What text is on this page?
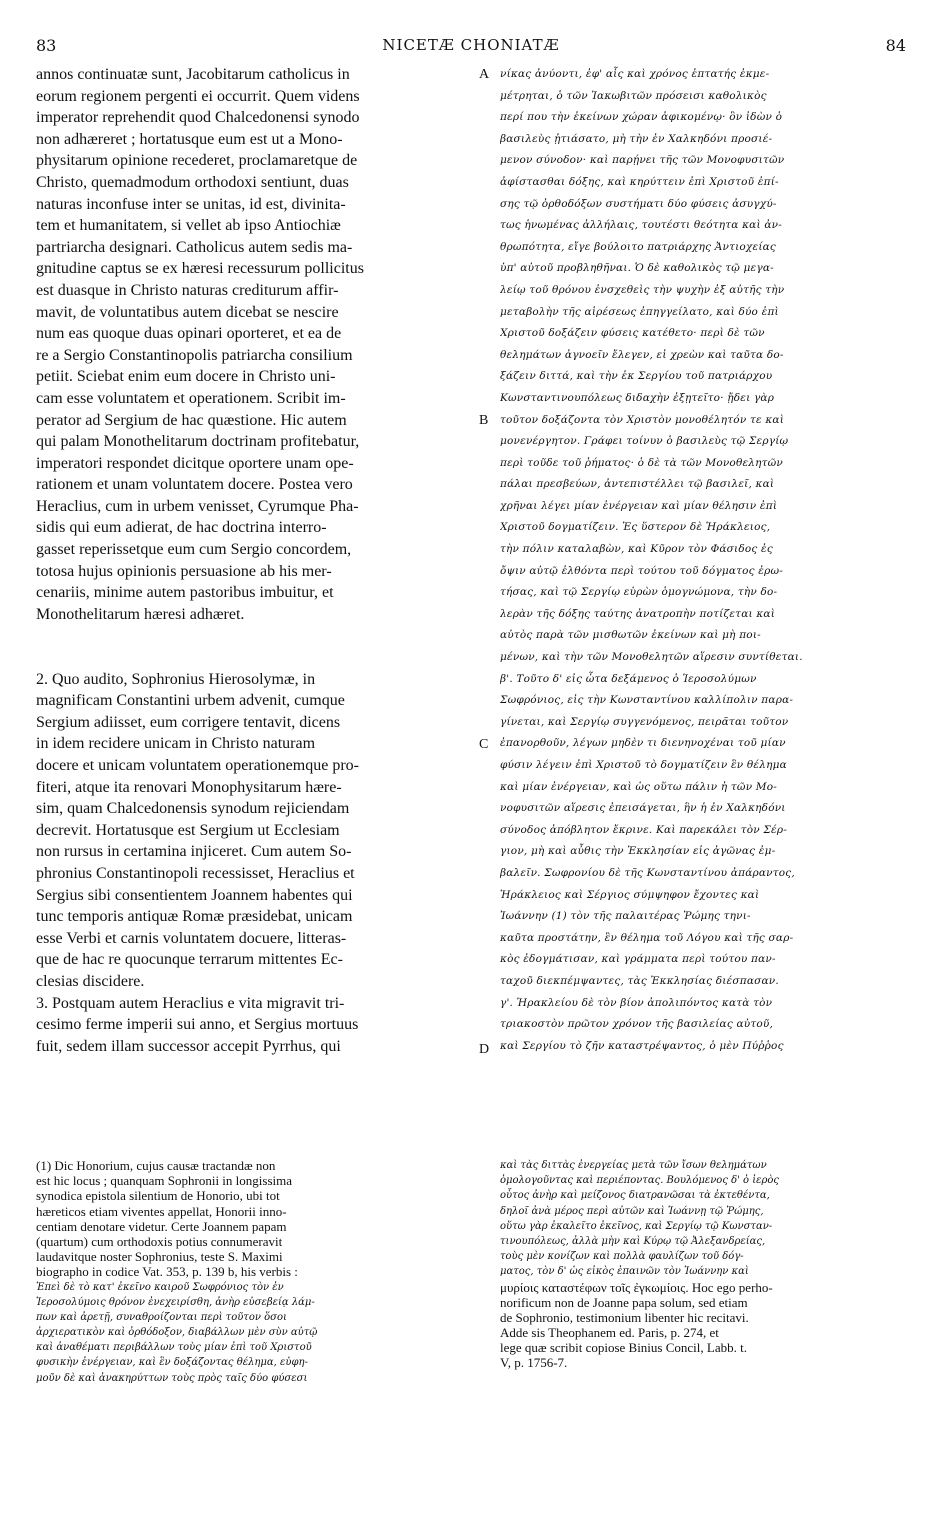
83	NICETÆ CHONIATÆ	84
annos continuatæ sunt, Jacobitarum catholicus in
eorum regionem pergenti ei occurrit. Quem videns
imperator reprehendit quod Chalcedonensi synodo
non adhæreret ; hortatusque eum est ut a Mono-
physitarum opinione recederet, proclamaretque de
Christo, quemadmodum orthodoxi sentiunt, duas
naturas inconfuse inter se unitas, id est, divinita-
tem et humanitatem, si vellet ab ipso Antiochiæ
partriarcha designari. Catholicus autem sedis ma-
gnitudine captus se ex hæresi recessurum pollicitus
est duasque in Christo naturas crediturum affir-
mavit, de voluntatibus autem dicebat se nescire
num eas quoque duas opinari oporteret, et ea de
re a Sergio Constantinopolis patriarcha consilium
petiit. Sciebat enim eum docere in Christo uni-
cam esse voluntatem et operationem. Scribit im-
perator ad Sergium de hac quæstione. Hic autem
qui palam Monothelitarum doctrinam profitebatur,
imperatori respondet dicitque oportere unam ope-
rationem et unam voluntatem docere. Postea vero
Heraclius, cum in urbem venisset, Cyrumque Pha-
sidis qui eum adierat, de hac doctrina interro-
gasset reperissetque eum cum Sergio concordem,
totosa hujus opinionis persuasione ab his mer-
cenariis, minime autem pastoribus imbuitur, et
Monothelitarum hæresi adhæret.
2. Quo audito, Sophronius Hierosolymæ, in
magnificam Constantini urbem advenit, cumque
Sergium adiisset, eum corrigere tentavit, dicens
in idem recidere unicam in Christo naturam
docere et unicam voluntatem operationemque pro-
fiteri, atque ita renovari Monophysitarum hære-
sim, quam Chalcedonensis synodum rejiciendam
decrevit. Hortatusque est Sergium ut Ecclesiam
non rursus in certamina injiceret. Cum autem So-
phronius Constantinopoli recessisset, Heraclius et
Sergius sibi consentientem Joannem habentes qui
tunc temporis antiquæ Romæ præsidebat, unicam
esse Verbi et carnis voluntatem docuere, litteras-
que de hac re quocunque terrarum mittentes Ec-
clesias discidere.
3. Postquam autem Heraclius e vita migravit tri-
cesimo ferme imperii sui anno, et Sergius mortuus
fuit, sedem illam successor accepit Pyrrhus, qui
νίκας ἀνύοντι, ἐφ' αἷς καὶ χρόνος ἑπτατής ἐκμε-
μέτρηται, ὁ τῶν Ἰακωβιτῶν πρόσεισι καθολικὸς
περί που τὴν ἐκείνων χώραν ἀφικομένῳ· ὃν ἰδὼν ὁ
βασιλεὺς ᾐτιάσατο, μὴ τὴν ἐν Χαλκηδόνι προσιέ-
μενον σύνοδον· καὶ παρῄνει τῆς τῶν Μονοφυσιτῶν
ἀφίστασθαι δόξης, καὶ κηρύττειν ἐπὶ Χριστοῦ ἐπί-
σης τῷ ὀρθοδόξων συστήματι δύο φύσεις ἀσυγχύ-
τως ἡνωμένας ἀλλήλαις, τουτέστι θεότητα καὶ ἀν-
θρωπότητα, εἴγε βούλοιτο πατριάρχης Ἀντιοχείας
ὑπ' αὐτοῦ προβληθῆναι. Ὁ δὲ καθολικὸς τῷ μεγα-
λείῳ τοῦ θρόνου ἐνσχεθεὶς τὴν ψυχὴν ἐξ αὐτῆς τὴν
μεταβολὴν τῆς αἱρέσεως ἐπηγγείλατο, καὶ δύο ἐπὶ
Χριστοῦ δοξάζειν φύσεις κατέθετο· περὶ δὲ τῶν
θελημάτων ἀγνοεῖν ἔλεγεν, εἰ χρεὼν καὶ ταῦτα δο-
ξάζειν διττά, καὶ τὴν ἐκ Σεργίου τοῦ πατριάρχου
Κωνσταντινουπόλεως διδαχὴν ἐξῃτεῖτο· ᾔδει γὰρ
τοῦτον δοξάζοντα τὸν Χριστὸν μονοθέλητόν τε καὶ
μονενέργητον. Γράφει τοίνυν ὁ βασιλεὺς τῷ Σεργίῳ
περὶ τοῦδε τοῦ ῥήματος· ὁ δὲ τὰ τῶν Μονοθελητῶν
πάλαι πρεσβεύων, ἀντεπιστέλλει τῷ βασιλεῖ, καὶ
χρῆναι λέγει μίαν ἐνέργειαν καὶ μίαν θέλησιν ἐπὶ
Χριστοῦ δογματίζειν. Ἐς ὕστερον δὲ Ἡράκλειος,
τὴν πόλιν καταλαβὼν, καὶ Κῦρον τὸν Φάσιδος ἐς
ὄψιν αὐτῷ ἐλθόντα περὶ τούτου τοῦ δόγματος ἐρω-
τήσας, καὶ τῷ Σεργίῳ εὑρὼν ὁμογνώμονα, τὴν δο-
λερὰν τῆς δόξης ταύτης ἀνατροπὴν ποτίζεται καὶ
αὐτὸς παρὰ τῶν μισθωτῶν ἐκείνων καὶ μὴ ποι-
μένων, καὶ τὴν τῶν Μονοθελητῶν αἵρεσιν συντίθεται.
β'. Τοῦτο δ' εἰς ὦτα δεξάμενος ὁ Ἱεροσολύμων
Σωφρόνιος, εἰς τὴν Κωνσταντίνου καλλίπολιν παρα-
γίνεται, καὶ Σεργίῳ συγγενόμενος, πειρᾶται τοῦτον
ἐπανορθοῦν, λέγων μηδὲν τι διενηνοχέναι τοῦ μίαν
φύσιν λέγειν ἐπὶ Χριστοῦ τὸ δογματίζειν ἓν θέλημα
καὶ μίαν ἐνέργειαν, καὶ ὡς οὕτω πάλιν ἡ τῶν Μο-
νοφυσιτῶν αἵρεσις ἐπεισάγεται, ἣν ἡ ἐν Χαλκηδόνι
σύνοδος ἀπόβλητον ἔκρινε. Καὶ παρεκάλει τὸν Σέρ-
γιον, μὴ καὶ αὖθις τὴν Ἐκκλησίαν εἰς ἀγῶνας ἐμ-
βαλεῖν. Σωφρονίου δὲ τῆς Κωνσταντίνου ἀπάραντος,
Ἡράκλειος καὶ Σέργιος σύμψηφον ἔχοντες καὶ
Ἰωάννην (1) τὸν τῆς παλαιτέρας Ῥώμης τηνι-
καῦτα προστάτην, ἓν θέλημα τοῦ Λόγου καὶ τῆς σαρ-
κὸς ἐδογμάτισαν, καὶ γράμματα περὶ τούτου παν-
ταχοῦ διεκπέμψαντες, τὰς Ἐκκλησίας διέσπασαν.
γ'. Ἡρακλείου δὲ τὸν βίον ἀπολιπόντος κατὰ τὸν
τριακοστὸν πρῶτον χρόνον τῆς βασιλείας αὐτοῦ,
καὶ Σεργίου τὸ ζῆν καταστρέψαντος, ὁ μὲν Πύῤῥος
A
B
C
D
(1) Dic Honorium, cujus causæ tractandæ non
est hic locus ; quanquam Sophronii in longissima
synodica epistola silentium de Honorio, ubi tot
hæreticos etiam viventes appellat, Honorii inno-
centiam denotare videtur. Certe Joannem papam
(quartum) cum orthodoxis potius connumeravit
laudavitque noster Sophronius, teste S. Maximi
biographo in codice Vat. 353, p. 139 b, his verbis :
Ἐπεὶ δὲ τὸ κατ' ἐκεῖνο καιροῦ Σωφρόνιος τὸν ἐν
Ἱεροσολύμοις θρόνον ἐνεχειρίσθη, ἀνὴρ εὐσεβείᾳ λάμ-
πων καὶ ἀρετῇ, συναθροίζονται περὶ τοῦτον ὅσοι
ἀρχιερατικὸν καὶ ὀρθόδοξον, διαβάλλων μὲν σὺν αὐτῷ
καὶ ἀναθέματι περιβάλλων τοὺς μίαν ἐπὶ τοῦ Χριστοῦ
φυσικὴν ἐνέργειαν, καὶ ἓν δοξάζοντας θέλημα, εὐφη-
μοῦν δὲ καὶ ἀνακηρύττων τοὺς πρὸς ταῖς δύο φύσεσι
καὶ τὰς διττὰς ἐνεργείας μετὰ τῶν ἴσων θελημάτων
ὁμολογοῦντας καὶ περιέποντας. Βουλόμενος δ' ὁ ἱερὸς
οὗτος ἀνὴρ καὶ μείζονος διατρανῶσαι τὰ ἐκτεθέντα,
δηλοῖ ἀνὰ μέρος περὶ αὐτῶν καὶ Ἰωάννῃ τῷ Ῥώμης,
οὕτω γὰρ ἐκαλεῖτο ἐκεῖνος, καὶ Σεργίῳ τῷ Κωνσταν-
τινουπόλεως, ἀλλὰ μὴν καὶ Κύρῳ τῷ Ἀλεξανδρείας,
τοὺς μὲν κονίζων καὶ πολλὰ φαυλίζων τοῦ δόγ-
ματος, τὸν δ' ὡς εἰκὸς ἐπαινῶν τὸν Ἰωάννην καὶ
μυρίοις καταστέφων τοῖς ἐγκωμίοις. Hoc ego perho-
norificum non de Joanne papa solum, sed etiam
de Sophronio, testimonium libenter hic recitavi.
Adde sis Theophanem ed. Paris, p. 274, et
lege quæ scribit copiose Binius Concil, Labb. t.
V, p. 1756-7.
